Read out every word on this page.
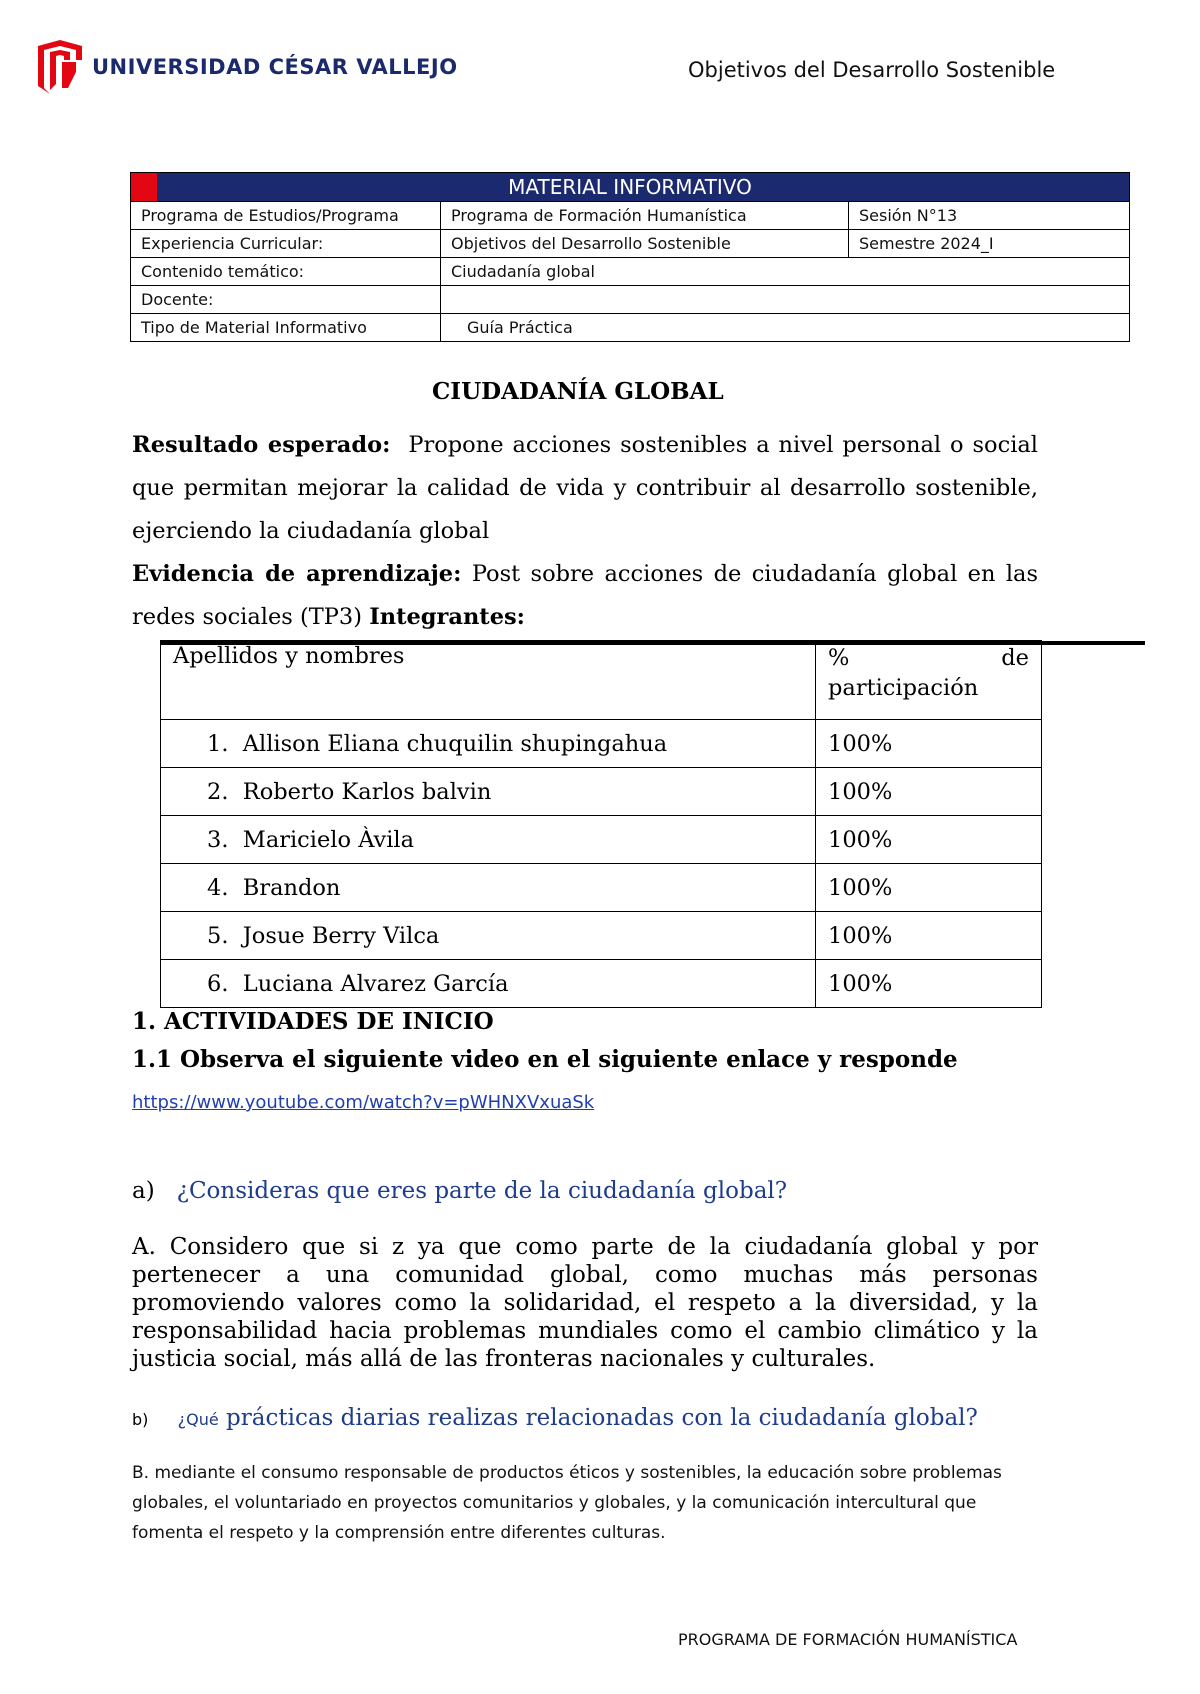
UNIVERSIDAD CÉSAR VALLEJO	Objetivos del Desarrollo Sostenible
MATERIAL INFORMATIVO		
Programa de Estudios/Programa	Programa de Formación Humanística	Sesión N°13
Experiencia Curricular:	Objetivos del Desarrollo Sostenible	Semestre 2024_I
Contenido temático:	Ciudadanía global	
Docente:		
Tipo de Material Informativo	Guía Práctica	
CIUDADANÍA GLOBAL
Resultado esperado: Propone acciones sostenibles a nivel personal o social que permitan mejorar la calidad de vida y contribuir al desarrollo sostenible, ejerciendo la ciudadanía global
Evidencia de aprendizaje: Post sobre acciones de ciudadanía global en las redes sociales (TP3) Integrantes:
Apellidos y nombres	% de
participación

1. Allison Eliana chuquilin shupingahua	100%
2. Roberto Karlos balvin	100%
3. Maricielo Àvila	100%
4. Brandon	100%
5. Josue Berry Vilca	100%
6. Luciana Alvarez García	100%
1. ACTIVIDADES DE INICIO
1.1 Observa el siguiente video en el siguiente enlace y responde
https://www.youtube.com/watch?v=pWHNXVxuaSk
a) ¿Consideras que eres parte de la ciudadanía global?
A. Considero que si z ya que como parte de la ciudadanía global y por pertenecer a una comunidad global, como muchas más personas promoviendo valores como la solidaridad, el respeto a la diversidad, y la responsabilidad hacia problemas mundiales como el cambio climático y la justicia social, más allá de las fronteras nacionales y culturales.
b) ¿Qué prácticas diarias realizas relacionadas con la ciudadanía global?
B. mediante el consumo responsable de productos éticos y sostenibles, la educación sobre problemas globales, el voluntariado en proyectos comunitarios y globales, y la comunicación intercultural que fomenta el respeto y la comprensión entre diferentes culturas.
PROGRAMA DE FORMACIÓN HUMANÍSTICA
